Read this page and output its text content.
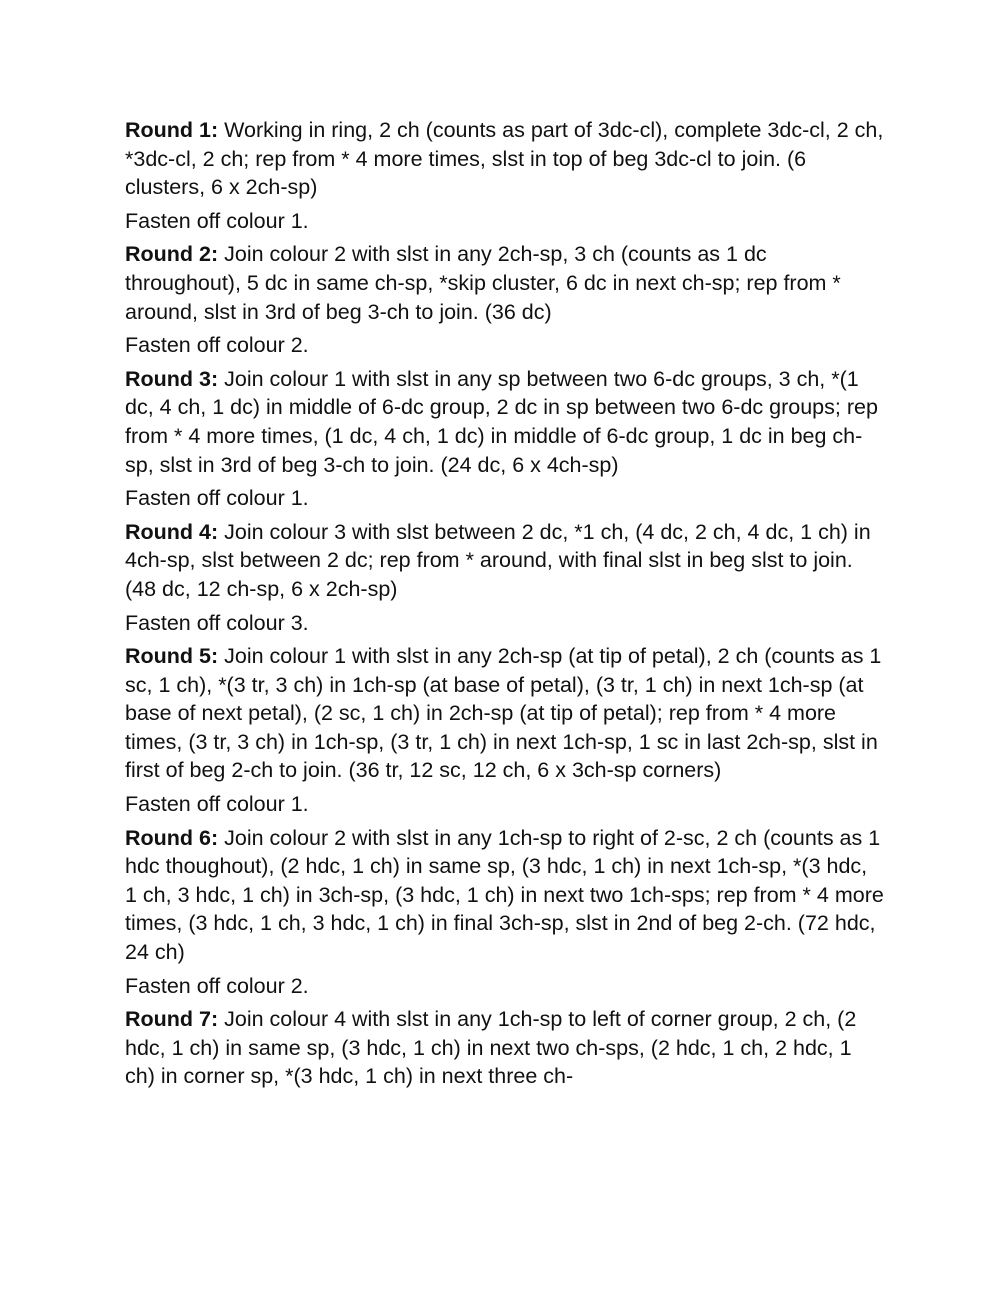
Round 1: Working in ring, 2 ch (counts as part of 3dc-cl), complete 3dc-cl, 2 ch, *3dc-cl, 2 ch; rep from * 4 more times, slst in top of beg 3dc-cl to join. (6 clusters, 6 x 2ch-sp)

Fasten off colour 1.

Round 2: Join colour 2 with slst in any 2ch-sp, 3 ch (counts as 1 dc throughout), 5 dc in same ch-sp, *skip cluster, 6 dc in next ch-sp; rep from * around, slst in 3rd of beg 3-ch to join. (36 dc)

Fasten off colour 2.

Round 3: Join colour 1 with slst in any sp between two 6-dc groups, 3 ch, *(1 dc, 4 ch, 1 dc) in middle of 6-dc group, 2 dc in sp between two 6-dc groups; rep from * 4 more times, (1 dc, 4 ch, 1 dc) in middle of 6-dc group, 1 dc in beg ch-sp, slst in 3rd of beg 3-ch to join. (24 dc, 6 x 4ch-sp)

Fasten off colour 1.

Round 4: Join colour 3 with slst between 2 dc, *1 ch, (4 dc, 2 ch, 4 dc, 1 ch) in 4ch-sp, slst between 2 dc; rep from * around, with final slst in beg slst to join. (48 dc, 12 ch-sp, 6 x 2ch-sp)

Fasten off colour 3.

Round 5: Join colour 1 with slst in any 2ch-sp (at tip of petal), 2 ch (counts as 1 sc, 1 ch), *(3 tr, 3 ch) in 1ch-sp (at base of petal), (3 tr, 1 ch) in next 1ch-sp (at base of next petal), (2 sc, 1 ch) in 2ch-sp (at tip of petal); rep from * 4 more times, (3 tr, 3 ch) in 1ch-sp, (3 tr, 1 ch) in next 1ch-sp, 1 sc in last 2ch-sp, slst in first of beg 2-ch to join. (36 tr, 12 sc, 12 ch, 6 x 3ch-sp corners)

Fasten off colour 1.

Round 6: Join colour 2 with slst in any 1ch-sp to right of 2-sc, 2 ch (counts as 1 hdc thoughout), (2 hdc, 1 ch) in same sp, (3 hdc, 1 ch) in next 1ch-sp, *(3 hdc, 1 ch, 3 hdc, 1 ch) in 3ch-sp, (3 hdc, 1 ch) in next two 1ch-sps; rep from * 4 more times, (3 hdc, 1 ch, 3 hdc, 1 ch) in final 3ch-sp, slst in 2nd of beg 2-ch. (72 hdc, 24 ch)

Fasten off colour 2.

Round 7: Join colour 4 with slst in any 1ch-sp to left of corner group, 2 ch, (2 hdc, 1 ch) in same sp, (3 hdc, 1 ch) in next two ch-sps, (2 hdc, 1 ch, 2 hdc, 1 ch) in corner sp, *(3 hdc, 1 ch) in next three ch-
